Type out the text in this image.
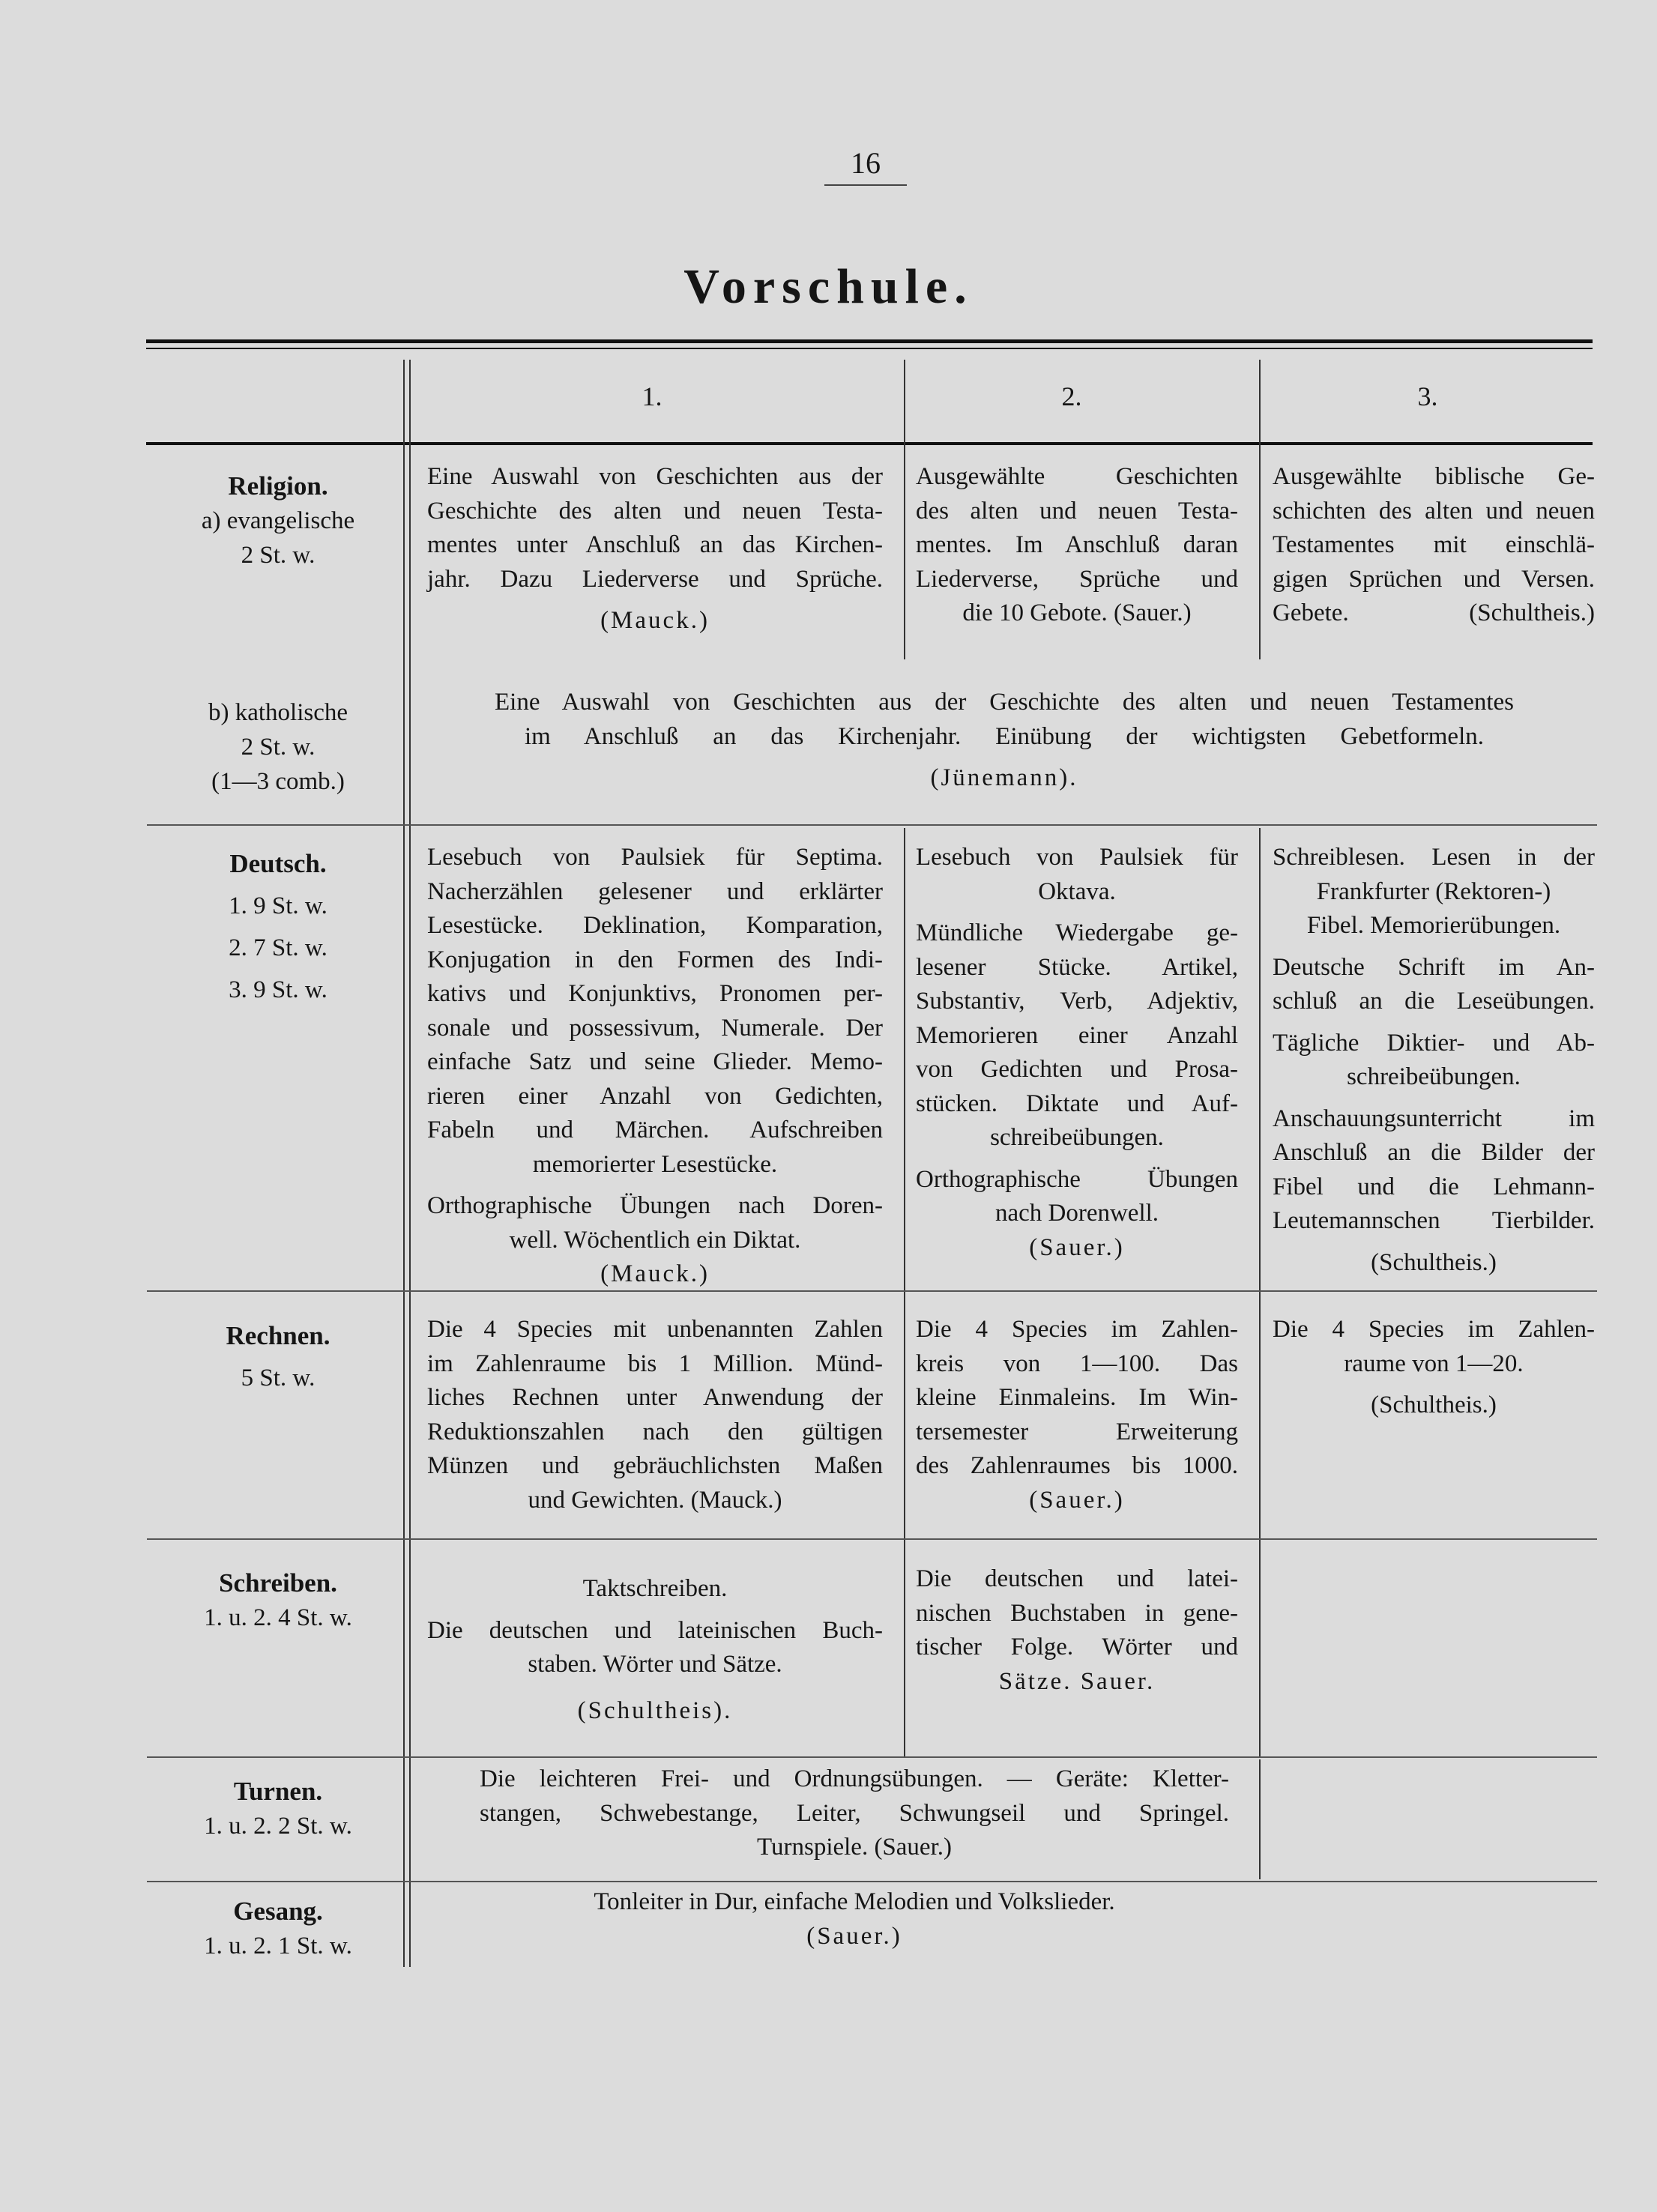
16
Vorschule.
1.	2.	3.
Religion.
a) evangelische
2 St. w.
Eine Auswahl von Geschichten aus der
Geschichte des alten und neuen Testa-
mentes unter Anschluß an das Kirchen-
jahr. Dazu Liederverse und Sprüche.
(Mauck.)
Ausgewählte Geschichten
des alten und neuen Testa-
mentes. Im Anschluß daran
Liederverse, Sprüche und
die 10 Gebote. (Sauer.)
Ausgewählte biblische Ge-
schichten des alten und neuen
Testamentes mit einschlä-
gigen Sprüchen und Versen.
Gebete. (Schultheis.)
b) katholische
2 St. w.
(1—3 comb.)
Eine Auswahl von Geschichten aus der Geschichte des alten und neuen Testamentes
im Anschluß an das Kirchenjahr. Einübung der wichtigsten Gebetformeln.
(Jünemann).
Deutsch.
1. 9 St. w.
2. 7 St. w.
3. 9 St. w.
Lesebuch von Paulsiek für Septima.
Nacherzählen gelesener und erklärter
Lesestücke. Deklination, Komparation,
Konjugation in den Formen des Indi-
kativs und Konjunktivs, Pronomen per-
sonale und possessivum, Numerale. Der
einfache Satz und seine Glieder. Memo-
rieren einer Anzahl von Gedichten,
Fabeln und Märchen. Aufschreiben
memorierter Lesestücke.
Orthographische Übungen nach Doren-
well. Wöchentlich ein Diktat.
(Mauck.)
Lesebuch von Paulsiek für
Oktava.
Mündliche Wiedergabe ge-
lesener Stücke. Artikel,
Substantiv, Verb, Adjektiv,
Memorieren einer Anzahl
von Gedichten und Prosa-
stücken. Diktate und Auf-
schreibeübungen.
Orthographische Übungen
nach Dorenwell.
(Sauer.)
Schreiblesen. Lesen in der
Frankfurter (Rektoren-)
Fibel. Memorierübungen.
Deutsche Schrift im An-
schluß an die Leseübungen.
Tägliche Diktier- und Ab-
schreibeübungen.
Anschauungsunterricht im
Anschluß an die Bilder der
Fibel und die Lehmann-
Leutemannschen Tierbilder.
(Schultheis.)
Rechnen.
5 St. w.
Die 4 Species mit unbenannten Zahlen
im Zahlenraume bis 1 Million. Münd-
liches Rechnen unter Anwendung der
Reduktionszahlen nach den gültigen
Münzen und gebräuchlichsten Maßen
und Gewichten. (Mauck.)
Die 4 Species im Zahlen-
kreis von 1—100. Das
kleine Einmaleins. Im Win-
tersemester Erweiterung
des Zahlenraumes bis 1000.
(Sauer.)
Die 4 Species im Zahlen-
raume von 1—20.
(Schultheis.)
Schreiben.
1. u. 2. 4 St. w.
Taktschreiben.
Die deutschen und lateinischen Buch-
staben. Wörter und Sätze.
(Schultheis).
Die deutschen und latei-
nischen Buchstaben in gene-
tischer Folge. Wörter und
Sätze. Sauer.
Turnen.
1. u. 2. 2 St. w.
Die leichteren Frei- und Ordnungsübungen. — Geräte: Kletter-
stangen, Schwebestange, Leiter, Schwungseil und Springel.
Turnspiele. (Sauer.)
Gesang.
1. u. 2. 1 St. w.
Tonleiter in Dur, einfache Melodien und Volkslieder.
(Sauer.)
